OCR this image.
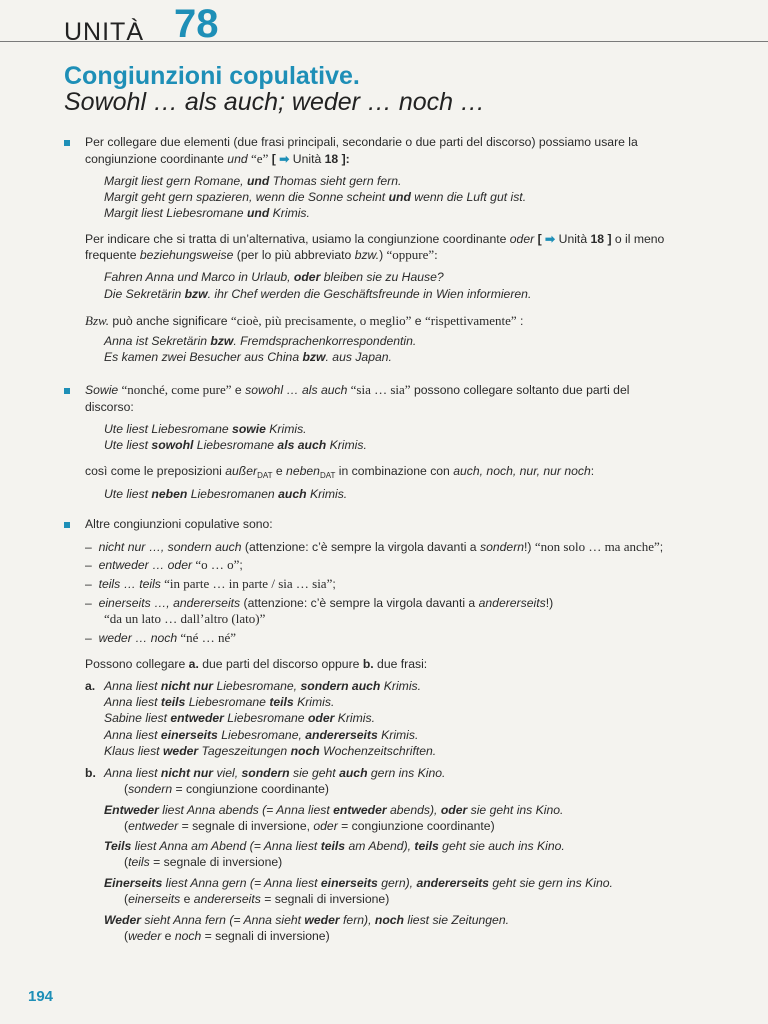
UNITÀ 78
Congiunzioni copulative.
Sowohl … als auch; weder … noch …
Per collegare due elementi (due frasi principali, secondarie o due parti del discorso) possiamo usare la
congiunzione coordinante und “e” [ ➡ Unità 18 ]:
Margit liest gern Romane, und Thomas sieht gern fern.
Margit geht gern spazieren, wenn die Sonne scheint und wenn die Luft gut ist.
Margit liest Liebesromane und Krimis.
Per indicare che si tratta di un’alternativa, usiamo la congiunzione coordinante oder [ ➡ Unità 18 ] o il meno
frequente beziehungsweise (per lo più abbreviato bzw.) “oppure”:
Fahren Anna und Marco in Urlaub, oder bleiben sie zu Hause?
Die Sekretärin bzw. ihr Chef werden die Geschäftsfreunde in Wien informieren.
Bzw. può anche significare “cioè, più precisamente, o meglio” e “rispettivamente” :
Anna ist Sekretärin bzw. Fremdsprachenkorrespondentin.
Es kamen zwei Besucher aus China bzw. aus Japan.
Sowie “nonché, come pure” e sowohl … als auch “sia … sia” possono collegare soltanto due parti del
discorso:
Ute liest Liebesromane sowie Krimis.
Ute liest sowohl Liebesromane als auch Krimis.
così come le preposizioni außer$_{DAT}$ e neben$_{DAT}$ in combinazione con auch, noch, nur, nur noch:
Ute liest neben Liebesromanen auch Krimis.
Altre congiunzioni copulative sono:
– nicht nur …, sondern auch (attenzione: c’è sempre la virgola davanti a sondern!) “non solo … ma anche”;
– entweder … oder “o … o”;
– teils … teils “in parte … in parte / sia … sia”;
– einerseits …, andererseits (attenzione: c’è sempre la virgola davanti a andererseits!)
“da un lato … dall’altro (lato)”
– weder … noch “né … né”
Possono collegare a. due parti del discorso oppure b. due frasi:
a. Anna liest nicht nur Liebesromane, sondern auch Krimis.
Anna liest teils Liebesromane teils Krimis.
Sabine liest entweder Liebesromane oder Krimis.
Anna liest einerseits Liebesromane, andererseits Krimis.
Klaus liest weder Tageszeitungen noch Wochenzeitschriften.
b. Anna liest nicht nur viel, sondern sie geht auch gern ins Kino.
(sondern = congiunzione coordinante)
Entweder liest Anna abends (= Anna liest entweder abends), oder sie geht ins Kino.
(entweder = segnale di inversione, oder = congiunzione coordinante)
Teils liest Anna am Abend (= Anna liest teils am Abend), teils geht sie auch ins Kino.
(teils = segnale di inversione)
Einerseits liest Anna gern (= Anna liest einerseits gern), andererseits geht sie gern ins Kino.
(einerseits e andererseits = segnali di inversione)
Weder sieht Anna fern (= Anna sieht weder fern), noch liest sie Zeitungen.
(weder e noch = segnali di inversione)
194
